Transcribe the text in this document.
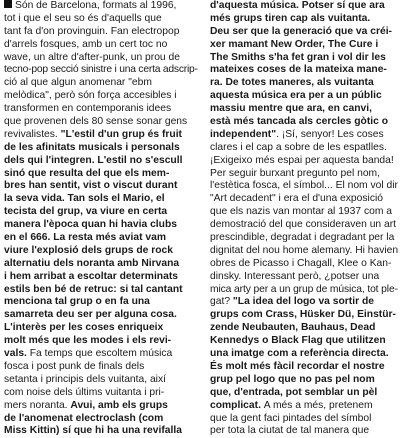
Són de Barcelona, formats al 1996,
tot i que el seu so és d'aquells que
tant fa d'on provinguin. Fan electropop
d'arrels fosques, amb un cert toc no
wave, un altre d'after-punk, un prou de
tecno-pop secció sinistre i una certa adscrip-
ció al que algun anomenar "ebm
melòdica", però són força accesibles i
transformen en contemporanis idees
que provenen dels 80 sense sonar gens
revivalistes. "L'estil d'un grup és fruit
de les afinitats musicals i personals
dels qui l'integren. L'estil no s'escull
sinó que resulta del que els mem-
bres han sentit, vist o viscut durant
la seva vida. Tan sols el Mario, el
tecista del grup, va viure en certa
manera l'època quan hi havia clubs
en el 666. La resta més aviat vam
viure l'explosió dels grups de rock
alternatiu dels noranta amb Nirvana
i hem arribat a escoltar determinats
estils ben bé de retruc: si tal cantant
menciona tal grup o en fa una
samarreta deu ser per alguna cosa.
L'interès per les coses enriqueix
molt més que les modes i els revi-
vals. Fa temps que escoltem música
fosca i post punk de finals dels
setanta i principis dels vuitanta, així
com noise dels últims vuitanta i pri-
mers noranta. Avui, amb els grups
de l'anomenat electroclash (com
Miss Kittin) sí que hi ha una revifalla
d'aquesta música. Potser sí que ara
més grups tiren cap als vuitanta.
Deu ser que la generació que va créi-
xer mamant New Order, The Cure i
The Smiths s'ha fet gran i vol dir les
mateixes coses de la mateixa mane-
ra. De totes maneres, als vuitanta
aquesta música era per a un públic
massiu mentre que ara, en canvi,
està més tancada als cercles gòtic o
independent". ¡Sí, senyor! Les coses
clares i el cap a sobre de les espatlles.
¡Exigeixo més espai per aquesta banda!
Per seguir burxant pregunto pel nom,
l'estètica fosca, el símbol... El nom vol dir
"Art decadent" i era el d'una exposició
que els nazis van montar al 1937 com a
demostració del que consideraven un art
prescindible, degradat i degradant per la
dignitat del nou home alemany. Hi havien
obres de Picasso i Chagall, Klee o Kan-
dinsky. Interessant però, ¿potser una
mica arty per a un grup de música, tot ple-
gat? "La idea del logo va sortir de
grups com Crass, Hüsker Dü, Einstür-
zende Neubauten, Bauhaus, Dead
Kennedys o Black Flag que utilitzen
una imatge com a referència directa.
És molt més fàcil recordar el nostre
grup pel logo que no pas pel nom
que, d'entrada, pot semblar un pèl
complicat. A més a més, pretenem
que la gent faci pintades del símbol
per tota la ciutat de tal manera que
